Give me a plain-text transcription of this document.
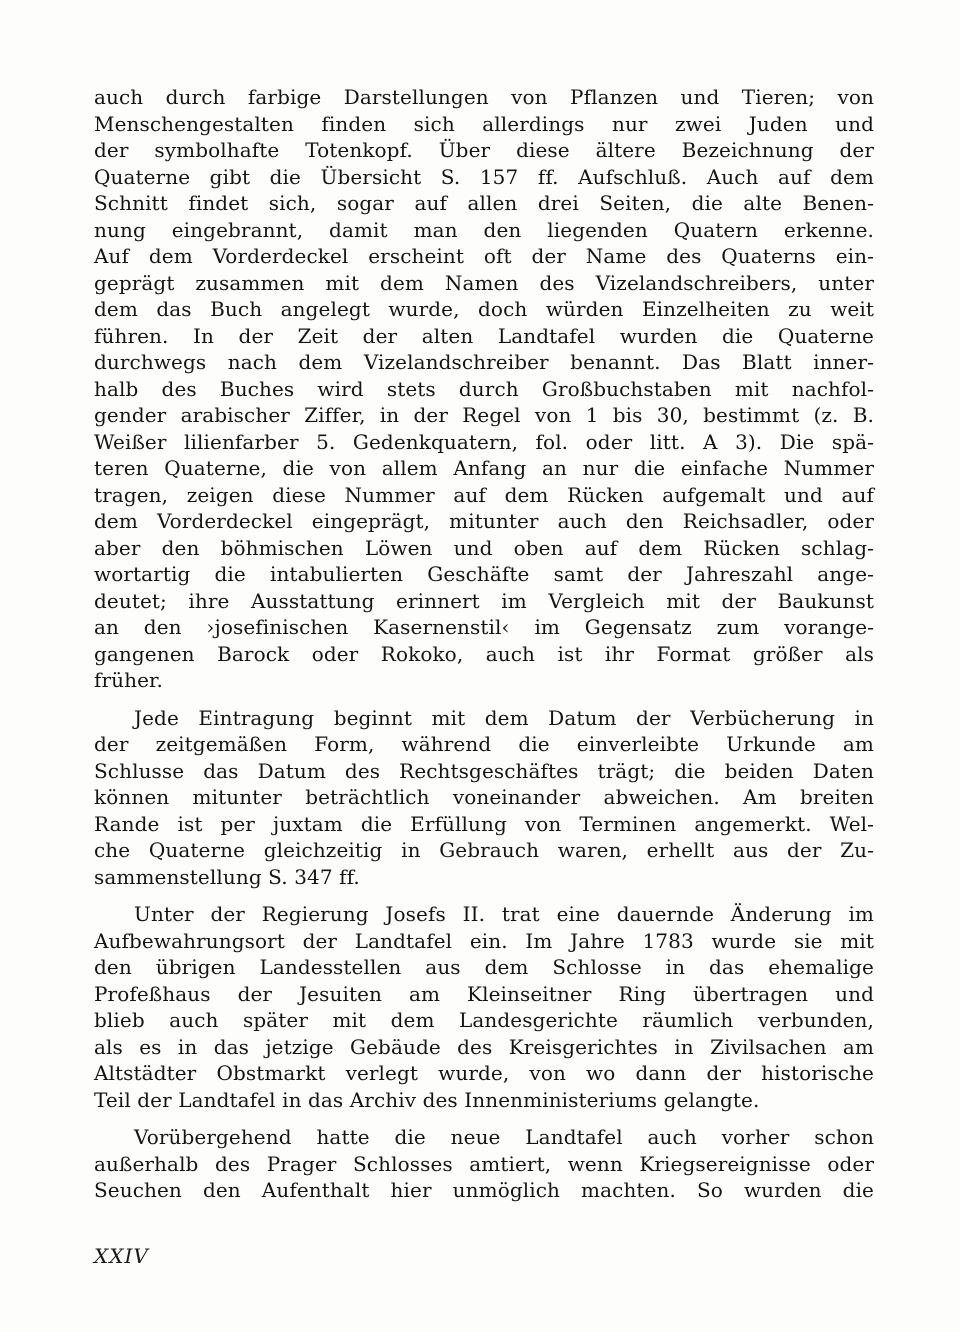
auch durch farbige Darstellungen von Pflanzen und Tieren; von
Menschengestalten finden sich allerdings nur zwei Juden und
der symbolhafte Totenkopf. Über diese ältere Bezeichnung der
Quaterne gibt die Übersicht S. 157 ff. Aufschluß. Auch auf dem
Schnitt findet sich, sogar auf allen drei Seiten, die alte Benen-
nung eingebrannt, damit man den liegenden Quatern erkenne.
Auf dem Vorderdeckel erscheint oft der Name des Quaterns ein-
geprägt zusammen mit dem Namen des Vizelandschreibers, unter
dem das Buch angelegt wurde, doch würden Einzelheiten zu weit
führen. In der Zeit der alten Landtafel wurden die Quaterne
durchwegs nach dem Vizelandschreiber benannt. Das Blatt inner-
halb des Buches wird stets durch Großbuchstaben mit nachfol-
gender arabischer Ziffer, in der Regel von 1 bis 30, bestimmt (z. B.
Weißer lilienfarber 5. Gedenkquatern, fol. oder litt. A 3). Die spä-
teren Quaterne, die von allem Anfang an nur die einfache Nummer
tragen, zeigen diese Nummer auf dem Rücken aufgemalt und auf
dem Vorderdeckel eingeprägt, mitunter auch den Reichsadler, oder
aber den böhmischen Löwen und oben auf dem Rücken schlag-
wortartig die intabulierten Geschäfte samt der Jahreszahl ange-
deutet; ihre Ausstattung erinnert im Vergleich mit der Baukunst
an den ›josefinischen Kasernenstil‹ im Gegensatz zum vorange-
gangenen Barock oder Rokoko, auch ist ihr Format größer als
früher.
Jede Eintragung beginnt mit dem Datum der Verbücherung in
der zeitgemäßen Form, während die einverleibte Urkunde am
Schlusse das Datum des Rechtsgeschäftes trägt; die beiden Daten
können mitunter beträchtlich voneinander abweichen. Am breiten
Rande ist per juxtam die Erfüllung von Terminen angemerkt. Wel-
che Quaterne gleichzeitig in Gebrauch waren, erhellt aus der Zu-
sammenstellung S. 347 ff.
Unter der Regierung Josefs II. trat eine dauernde Änderung im
Aufbewahrungsort der Landtafel ein. Im Jahre 1783 wurde sie mit
den übrigen Landesstellen aus dem Schlosse in das ehemalige
Profeßhaus der Jesuiten am Kleinseitner Ring übertragen und
blieb auch später mit dem Landesgerichte räumlich verbunden,
als es in das jetzige Gebäude des Kreisgerichtes in Zivilsachen am
Altstädter Obstmarkt verlegt wurde, von wo dann der historische
Teil der Landtafel in das Archiv des Innenministeriums gelangte.
Vorübergehend hatte die neue Landtafel auch vorher schon
außerhalb des Prager Schlosses amtiert, wenn Kriegsereignisse oder
Seuchen den Aufenthalt hier unmöglich machten. So wurden die
XXIV
